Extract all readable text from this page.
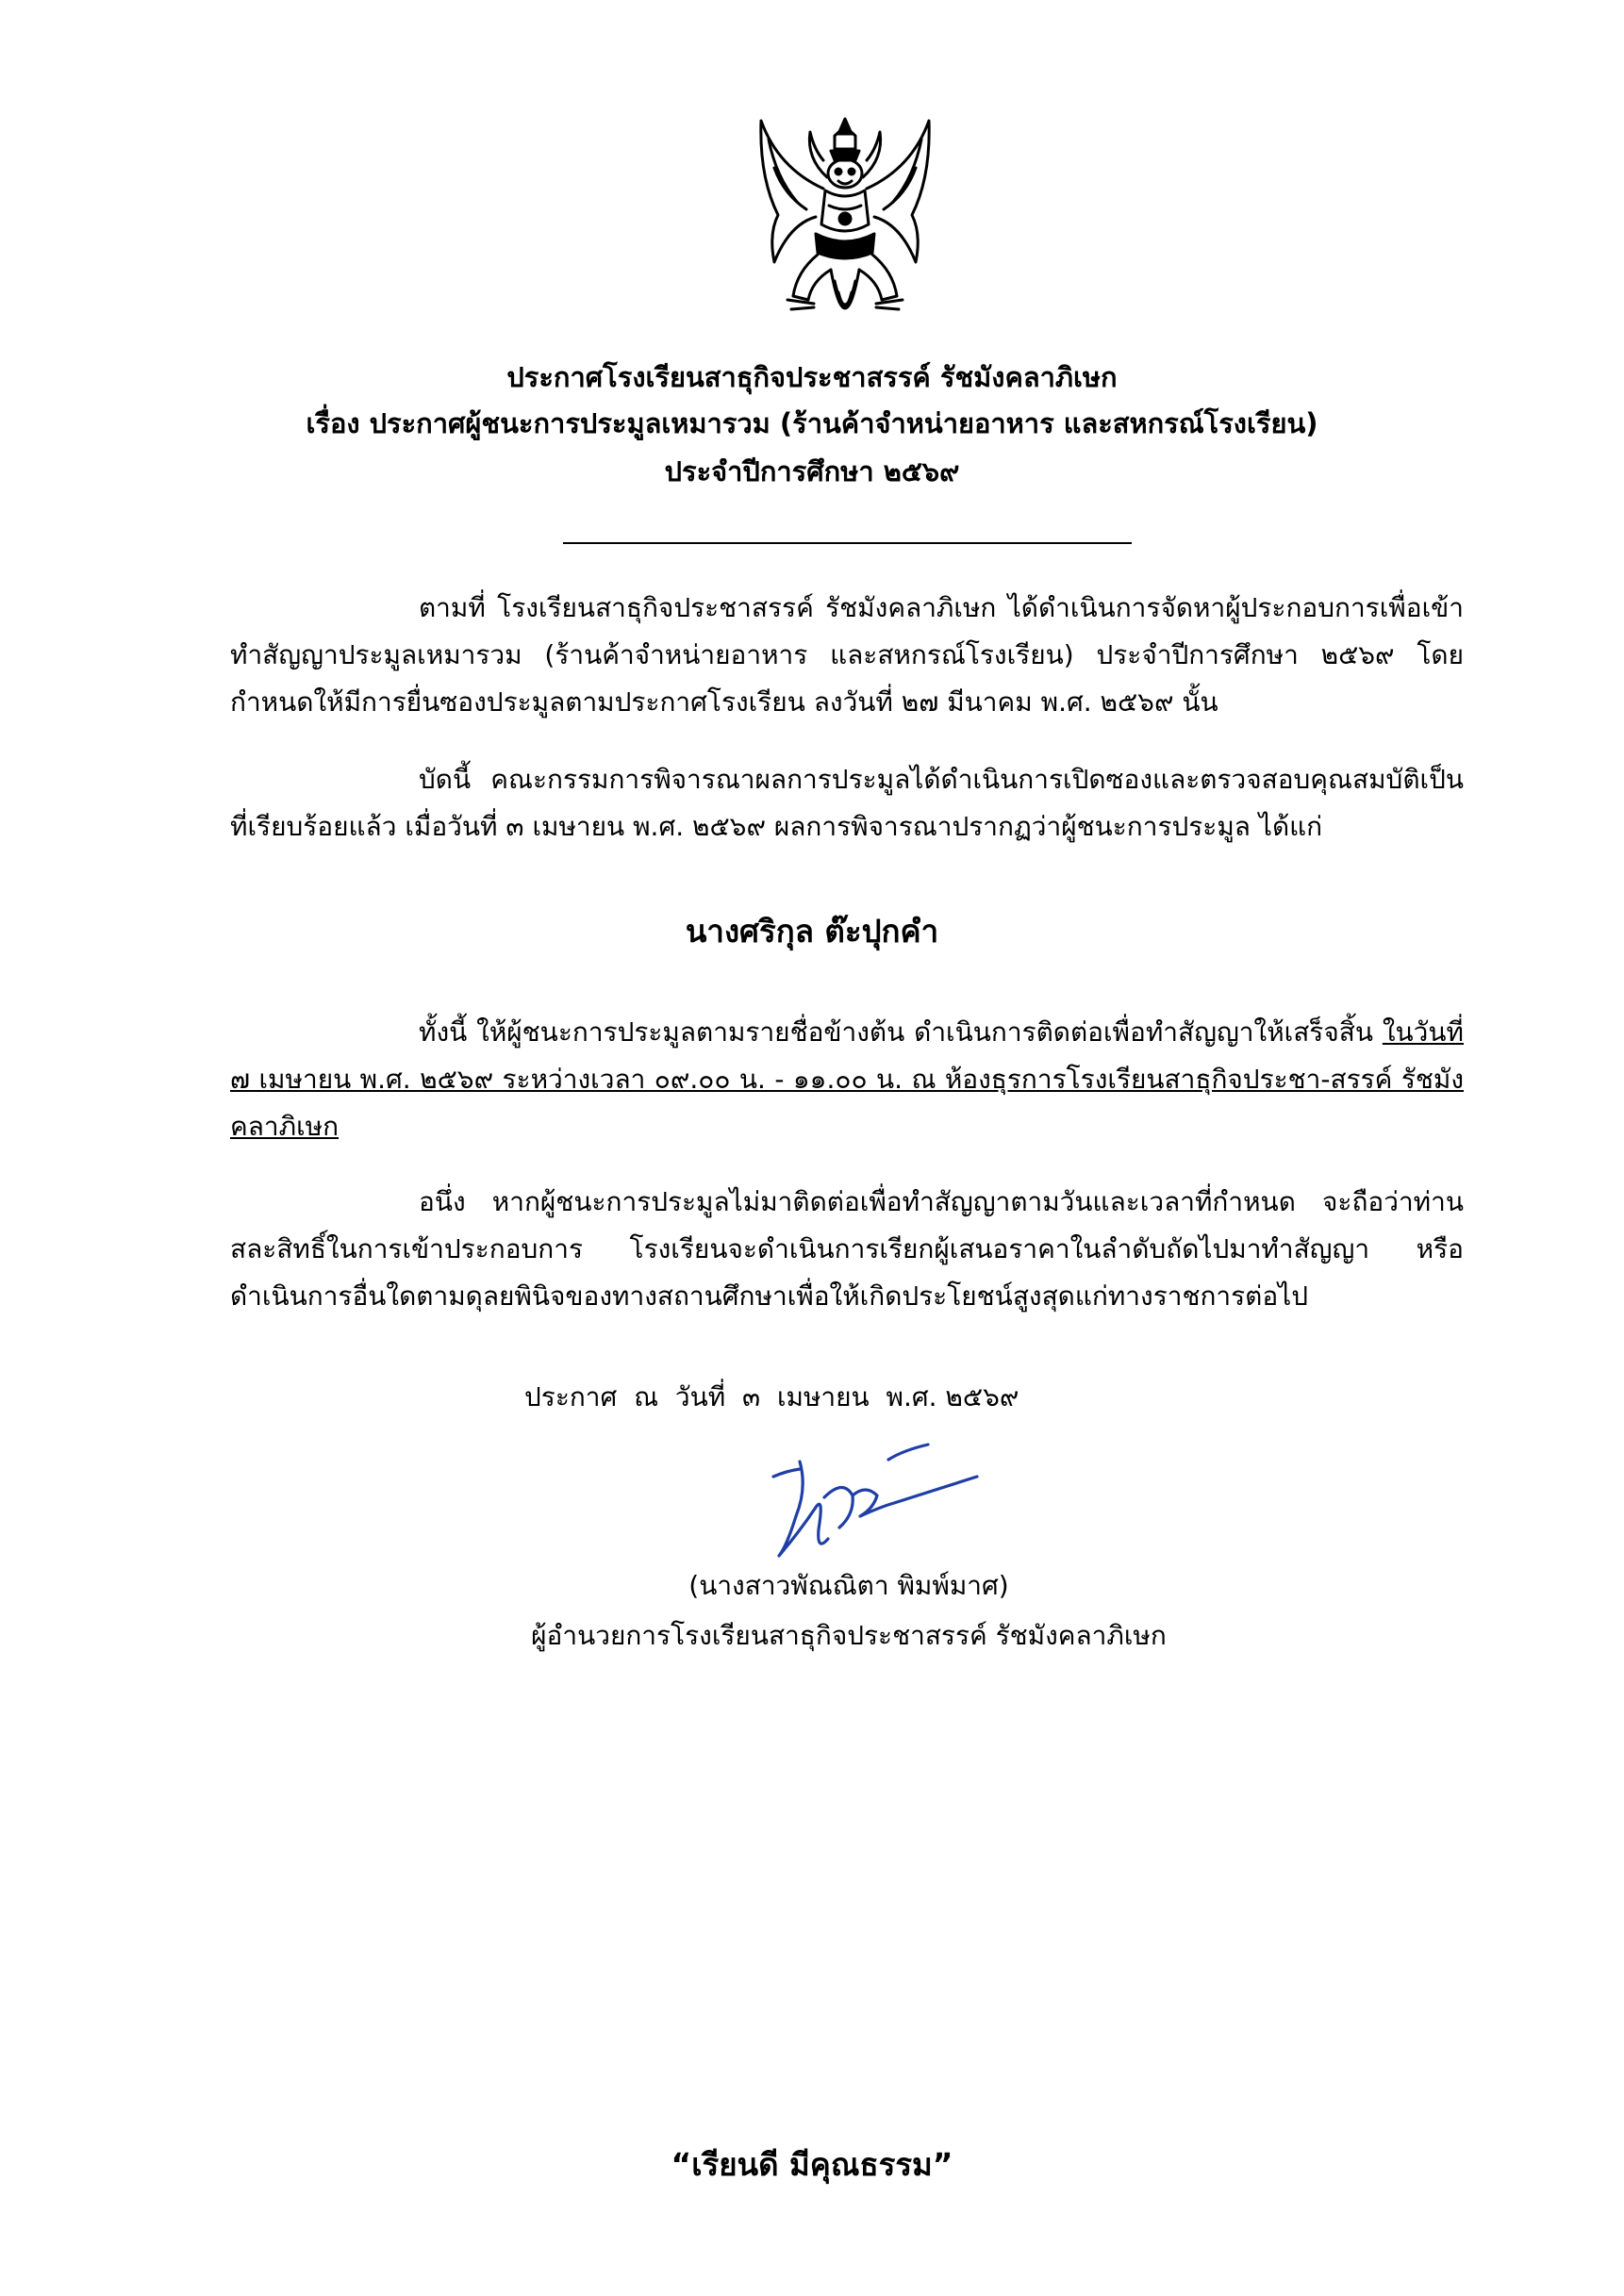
ประกาศโรงเรียนสาธุกิจประชาสรรค์ รัชมังคลาภิเษก
เรื่อง ประกาศผู้ชนะการประมูลเหมารวม (ร้านค้าจำหน่ายอาหาร และสหกรณ์โรงเรียน)
ประจำปีการศึกษา ๒๕๖๙
ตามที่ โรงเรียนสาธุกิจประชาสรรค์ รัชมังคลาภิเษก ได้ดำเนินการจัดหาผู้ประกอบการเพื่อเข้าทำสัญญาประมูลเหมารวม (ร้านค้าจำหน่ายอาหาร และสหกรณ์โรงเรียน) ประจำปีการศึกษา ๒๕๖๙ โดยกำหนดให้มีการยื่นซองประมูลตามประกาศโรงเรียน ลงวันที่ ๒๗ มีนาคม พ.ศ. ๒๕๖๙ นั้น
บัดนี้ คณะกรรมการพิจารณาผลการประมูลได้ดำเนินการเปิดซองและตรวจสอบคุณสมบัติเป็นที่เรียบร้อยแล้ว เมื่อวันที่ ๓ เมษายน พ.ศ. ๒๕๖๙ ผลการพิจารณาปรากฏว่าผู้ชนะการประมูล ได้แก่
นางศริกุล ต๊ะปุกคำ
ทั้งนี้ ให้ผู้ชนะการประมูลตามรายชื่อข้างต้น ดำเนินการติดต่อเพื่อทำสัญญาให้เสร็จสิ้น ในวันที่ ๗ เมษายน พ.ศ. ๒๕๖๙ ระหว่างเวลา ๐๙.๐๐ น. - ๑๑.๐๐ น. ณ ห้องธุรการโรงเรียนสาธุกิจประชา-สรรค์ รัชมังคลาภิเษก
อนึ่ง หากผู้ชนะการประมูลไม่มาติดต่อเพื่อทำสัญญาตามวันและเวลาที่กำหนด จะถือว่าท่านสละสิทธิ์ในการเข้าประกอบการ โรงเรียนจะดำเนินการเรียกผู้เสนอราคาในลำดับถัดไปมาทำสัญญา หรือดำเนินการอื่นใดตามดุลยพินิจของทางสถานศึกษาเพื่อให้เกิดประโยชน์สูงสุดแก่ทางราชการต่อไป
ประกาศ  ณ  วันที่  ๓  เมษายน  พ.ศ. ๒๕๖๙
(นางสาวพัณณิตา พิมพ์มาศ)
ผู้อำนวยการโรงเรียนสาธุกิจประชาสรรค์ รัชมังคลาภิเษก
“เรียนดี มีคุณธรรม”
